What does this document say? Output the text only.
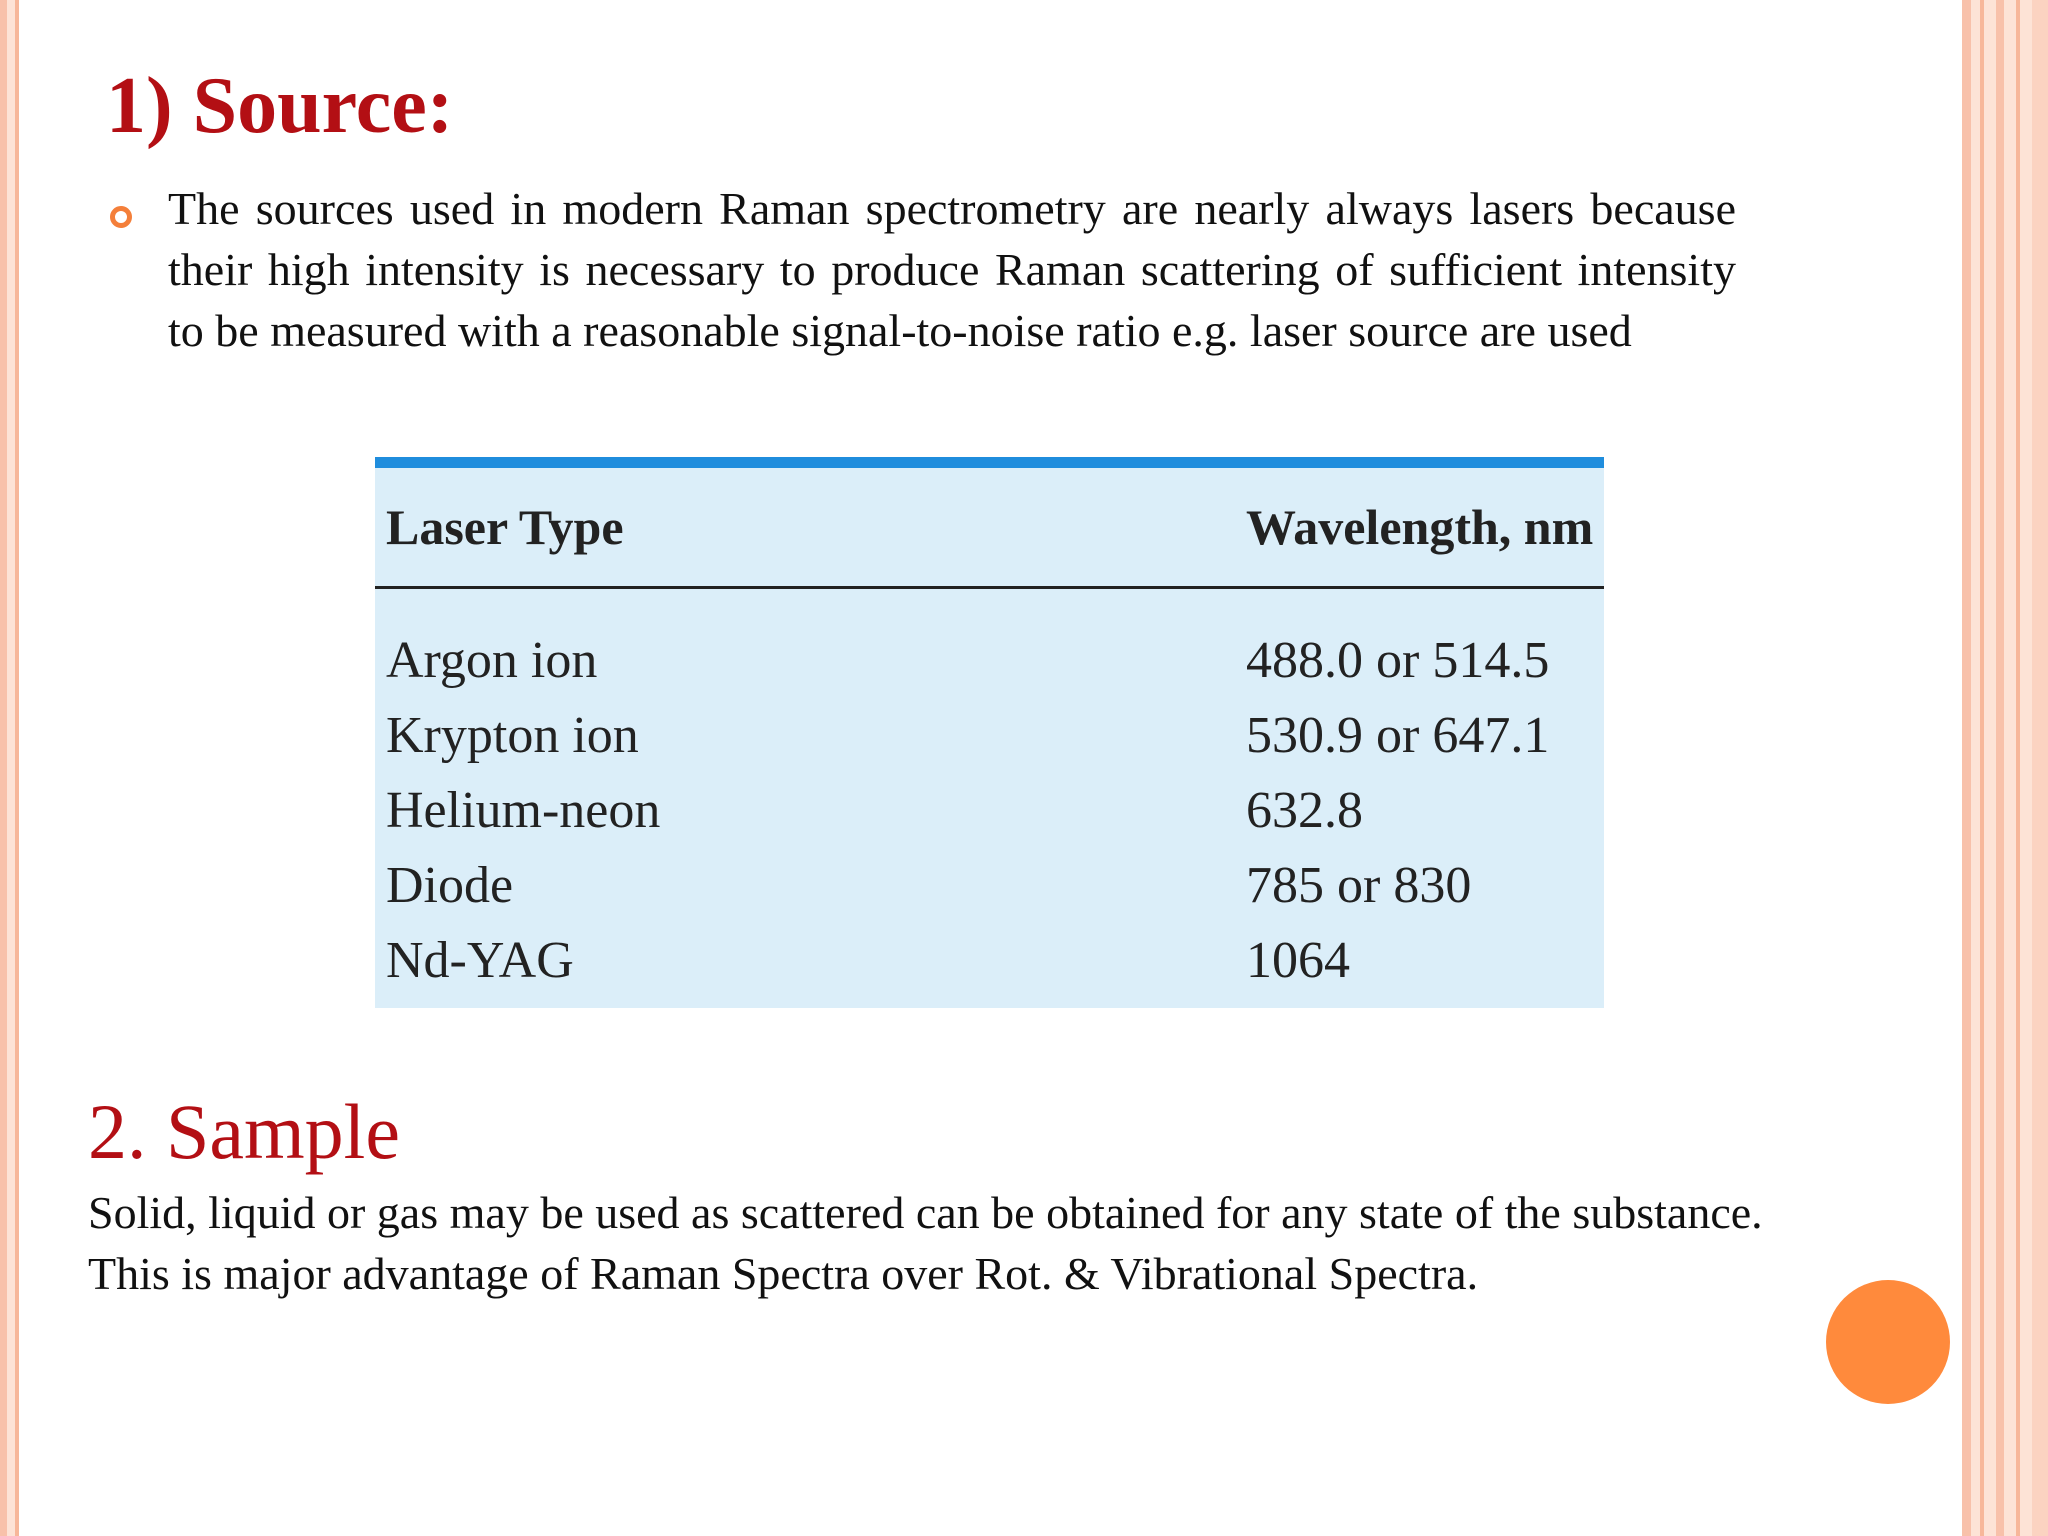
1) Source:

The sources used in modern Raman spectrometry are nearly always lasers because their high intensity is necessary to produce Raman scattering of sufficient intensity to be measured with a reasonable signal-to-noise ratio e.g. laser source are used

Laser Type	Wavelength, nm
Argon ion	488.0 or 514.5
Krypton ion	530.9 or 647.1
Helium-neon	632.8
Diode	785 or 830
Nd-YAG	1064
2. Sample

Solid, liquid or gas may be used as scattered can be obtained for any state of the substance.
This is major advantage of Raman Spectra over Rot. & Vibrational Spectra.
